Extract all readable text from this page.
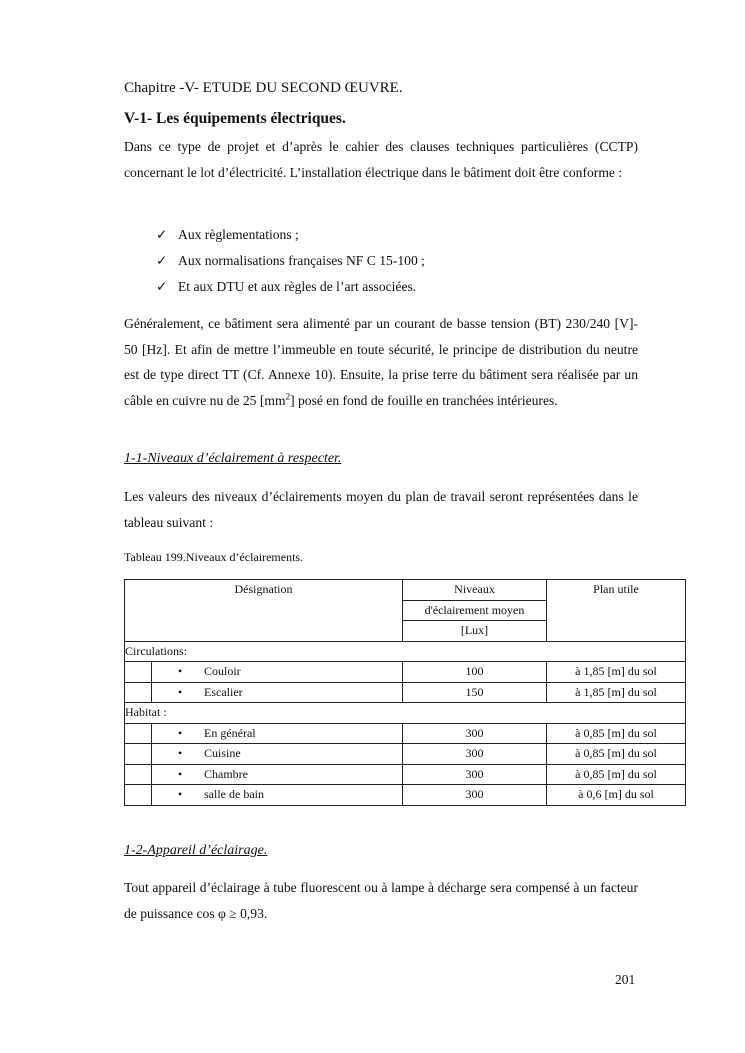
Chapitre -V- ETUDE DU SECOND ŒUVRE.
V-1- Les équipements électriques.
Dans ce type de projet et d’après le cahier des clauses techniques particulières (CCTP) concernant le lot d’électricité. L’installation électrique dans le bâtiment doit être conforme :
✓ Aux règlementations ;
✓ Aux normalisations françaises NF C 15-100 ;
✓ Et aux DTU et aux règles de l’art associées.
Généralement, ce bâtiment sera alimenté par un courant de basse tension (BT) 230/240 [V]- 50 [Hz]. Et afin de mettre l’immeuble en toute sécurité, le principe de distribution du neutre est de type direct TT (Cf. Annexe 10). Ensuite, la prise terre du bâtiment sera réalisée par un câble en cuivre nu de 25 $[mm^2]$ posé en fond de fouille en tranchées intérieures.
1-1-Niveaux d’éclairement à respecter.
Les valeurs des niveaux d’éclairements moyen du plan de travail seront représentées dans le tableau suivant :
Tableau 199.Niveaux d’éclairements.
1-2-Appareil d’éclairage.
Tout appareil d’éclairage à tube fluorescent ou à lampe à décharge sera compensé à un facteur de puissance cos φ ≥ 0,93.
Désignation		Niveaux	Plan utile
		d'éclairement moyen	
		[Lux]	
Circulations:			
	• Couloir	100	à 1,85 [m] du sol
	• Escalier	150	à 1,85 [m] du sol
Habitat :			
	• En général	300	à 0,85 [m] du sol
	• Cuisine	300	à 0,85 [m] du sol
	• Chambre	300	à 0,85 [m] du sol
	• salle de bain	300	à 0,6 [m] du sol
201
